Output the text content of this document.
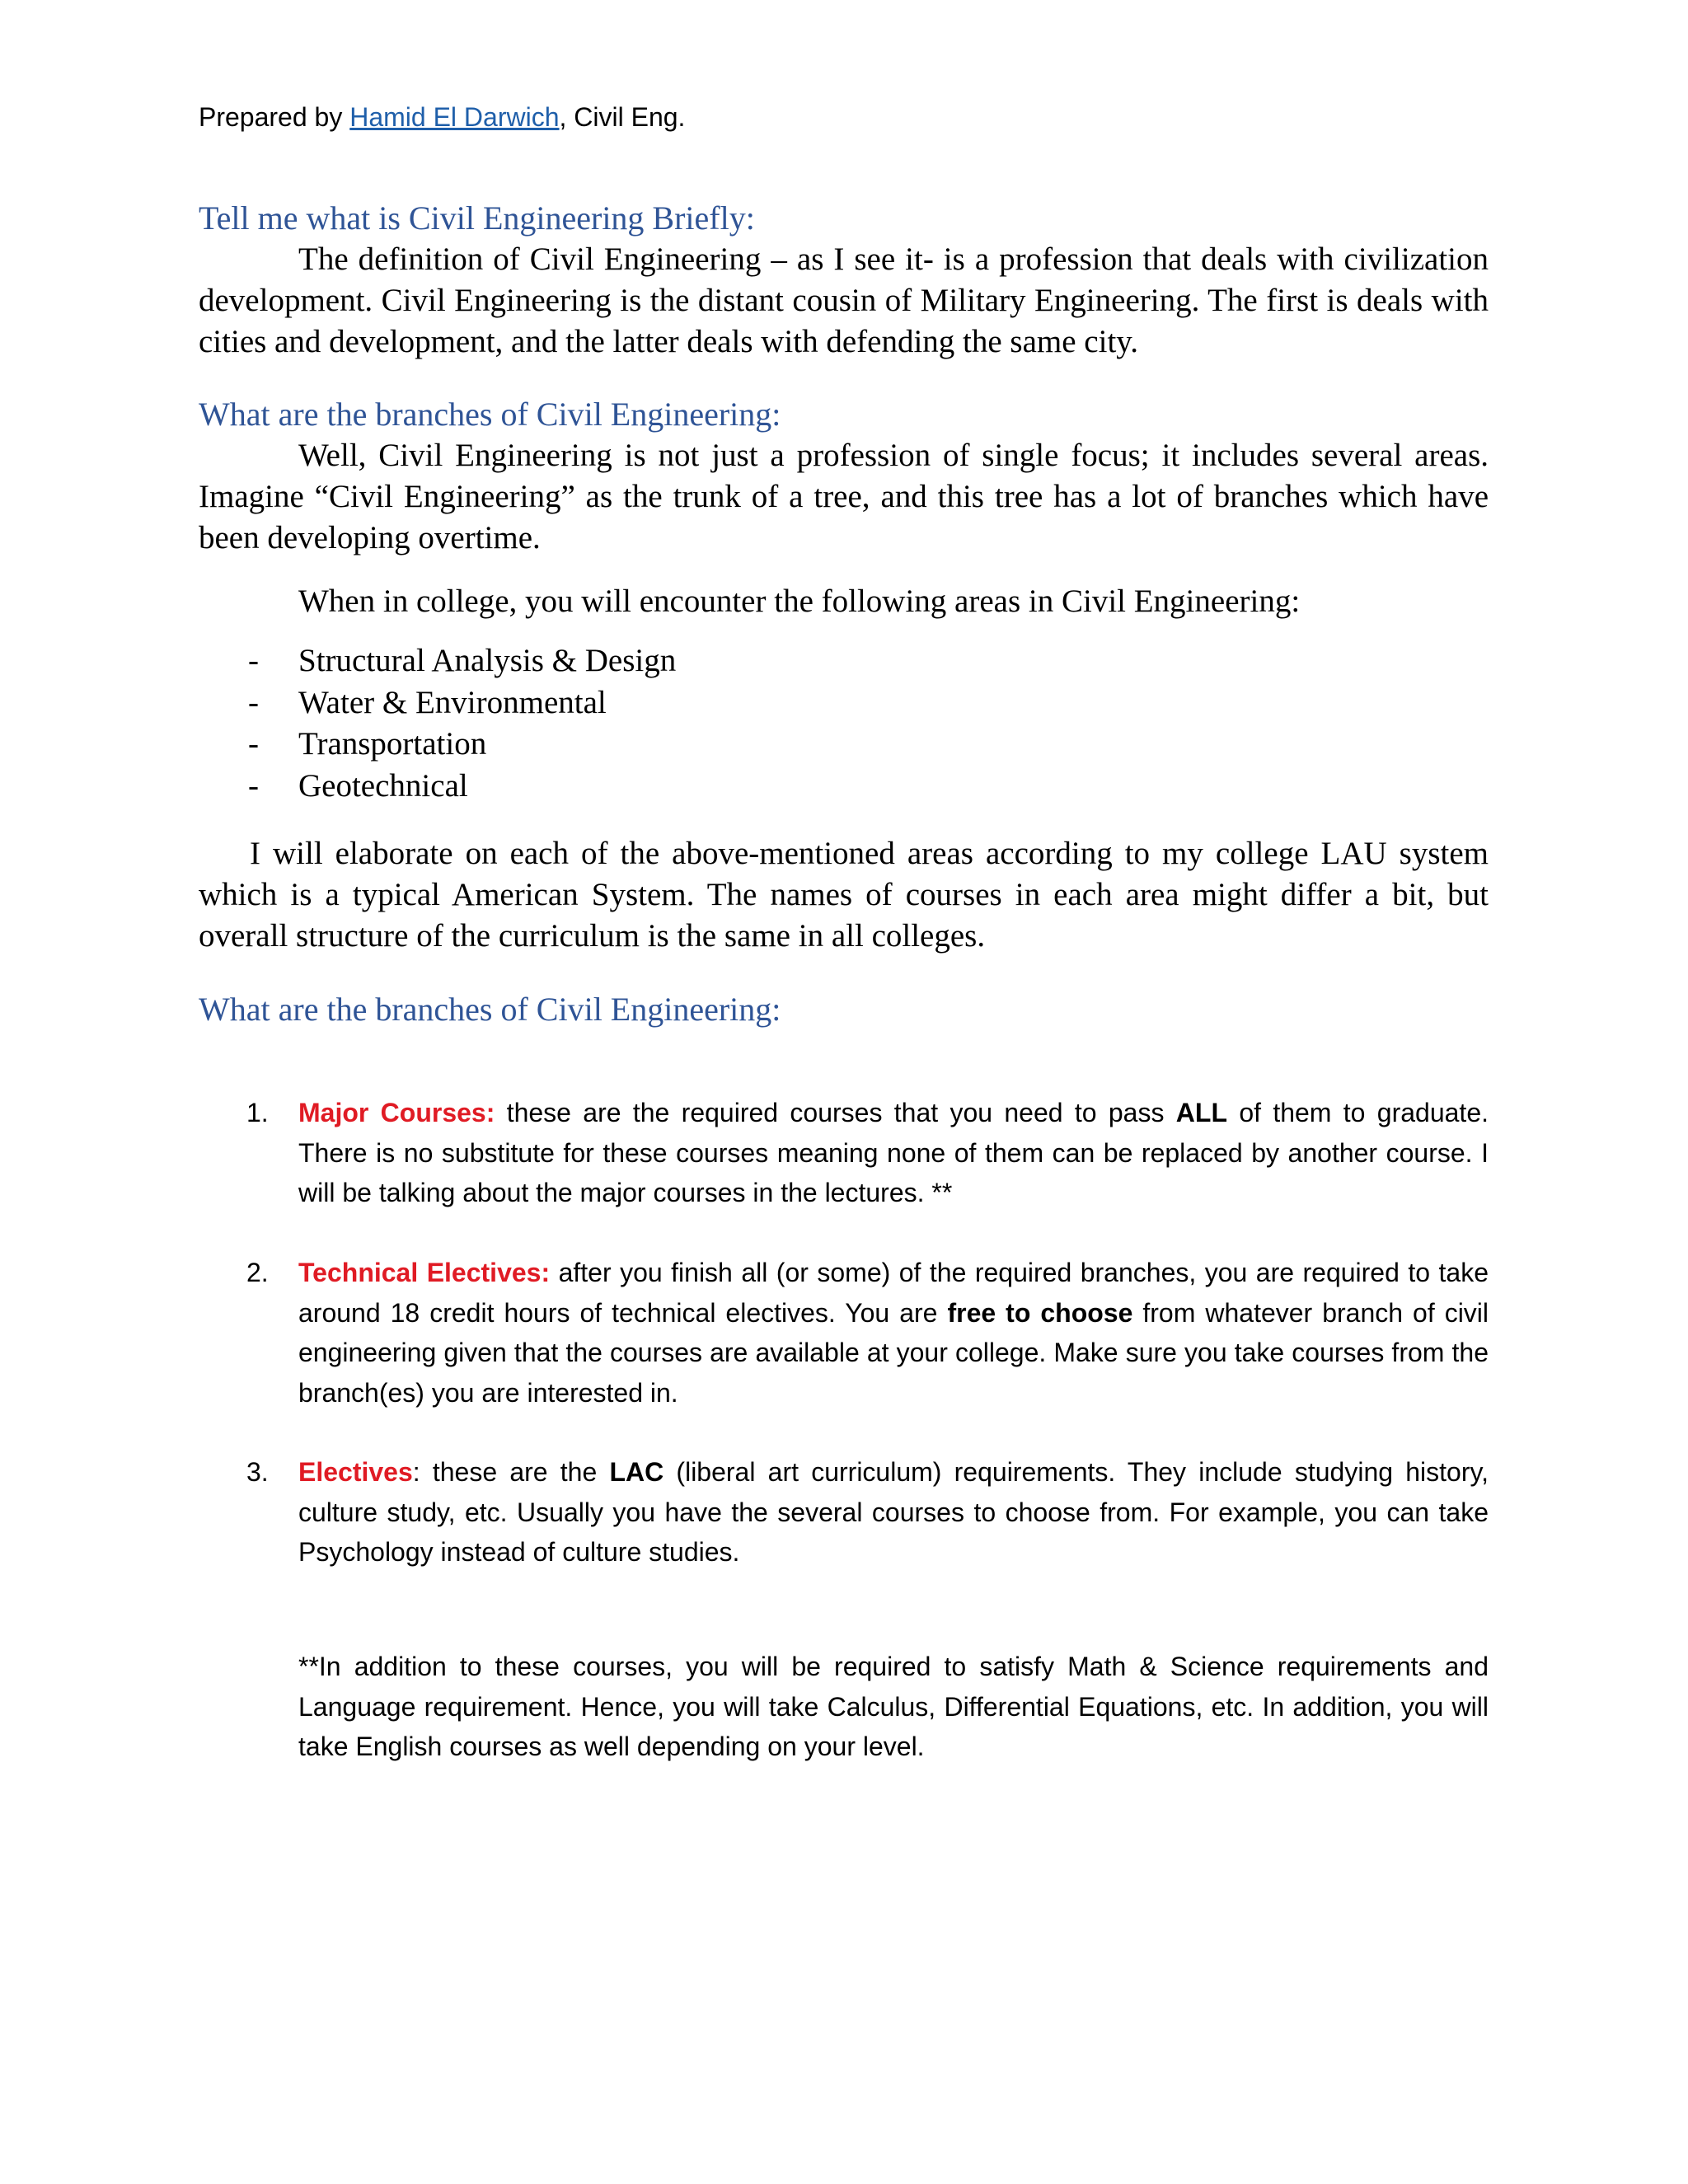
Prepared by Hamid El Darwich, Civil Eng.
Tell me what is Civil Engineering Briefly:

The definition of Civil Engineering – as I see it- is a profession that deals with civilization development. Civil Engineering is the distant cousin of Military Engineering. The first is deals with cities and development, and the latter deals with defending the same city.

What are the branches of Civil Engineering:

Well, Civil Engineering is not just a profession of single focus; it includes several areas. Imagine “Civil Engineering” as the trunk of a tree, and this tree has a lot of branches which have been developing overtime.

When in college, you will encounter the following areas in Civil Engineering:

- Structural Analysis & Design
- Water & Environmental
- Transportation
- Geotechnical

I will elaborate on each of the above-mentioned areas according to my college LAU system which is a typical American System. The names of courses in each area might differ a bit, but overall structure of the curriculum is the same in all colleges.

What are the branches of Civil Engineering:
1. Major Courses: these are the required courses that you need to pass ALL of them to graduate. There is no substitute for these courses meaning none of them can be replaced by another course. I will be talking about the major courses in the lectures. **
2. Technical Electives: after you finish all (or some) of the required branches, you are required to take around 18 credit hours of technical electives. You are free to choose from whatever branch of civil engineering given that the courses are available at your college. Make sure you take courses from the branch(es) you are interested in.
3. Electives: these are the LAC (liberal art curriculum) requirements. They include studying history, culture study, etc. Usually you have the several courses to choose from. For example, you can take Psychology instead of culture studies.

**In addition to these courses, you will be required to satisfy Math & Science requirements and Language requirement. Hence, you will take Calculus, Differential Equations, etc. In addition, you will take English courses as well depending on your level.
